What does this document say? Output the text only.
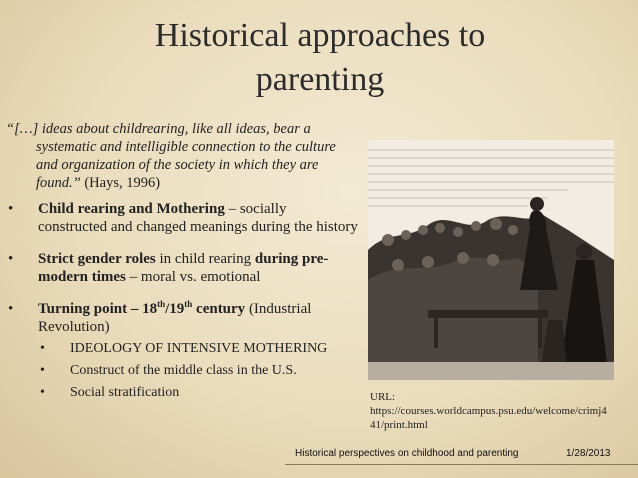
Historical approaches to
parenting
“[…] ideas about childrearing, like all ideas, bear a
systematic and intelligible connection to the culture
and organization of the society in which they are
found.” (Hays, 1996)
• Child rearing and Mothering – socially constructed and changed meanings during the history
• Strict gender roles in child rearing during pre-modern times – moral vs. emotional
• Turning point – 18th/19th century (Industrial Revolution)
• IDEOLOGY OF INTENSIVE MOTHERING
• Construct of the middle class in the U.S.
• Social stratification	URL:
https://courses.worldcampus.psu.edu/welcome/crimj4
41/print.html
Historical perspectives on childhood and parenting	1/28/2013
